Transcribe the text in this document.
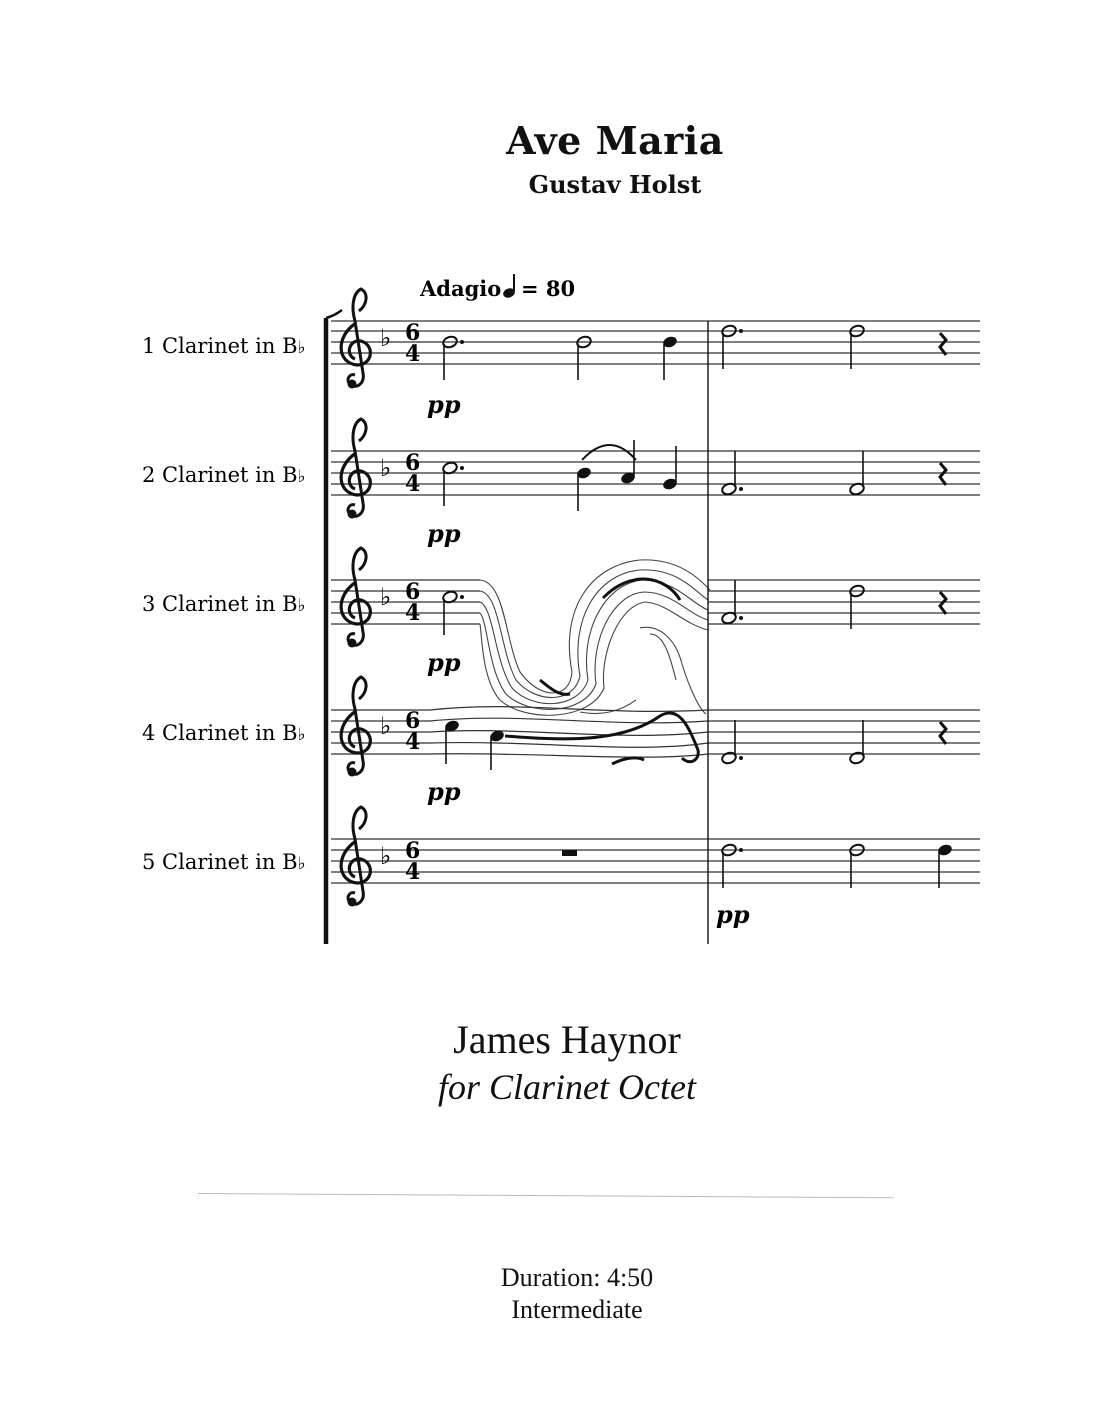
Ave Maria
Gustav Holst
Adagio = 80
♭ 6
4
pp
♭ 6
4
pp
♭ 6
4
pp
♭ 6
4
pp
♭ 6
4
pp
1 Clarinet in B♭
2 Clarinet in B♭
3 Clarinet in B♭
4 Clarinet in B♭
5 Clarinet in B♭
James Haynor
for Clarinet Octet
Duration: 4:50
Intermediate
